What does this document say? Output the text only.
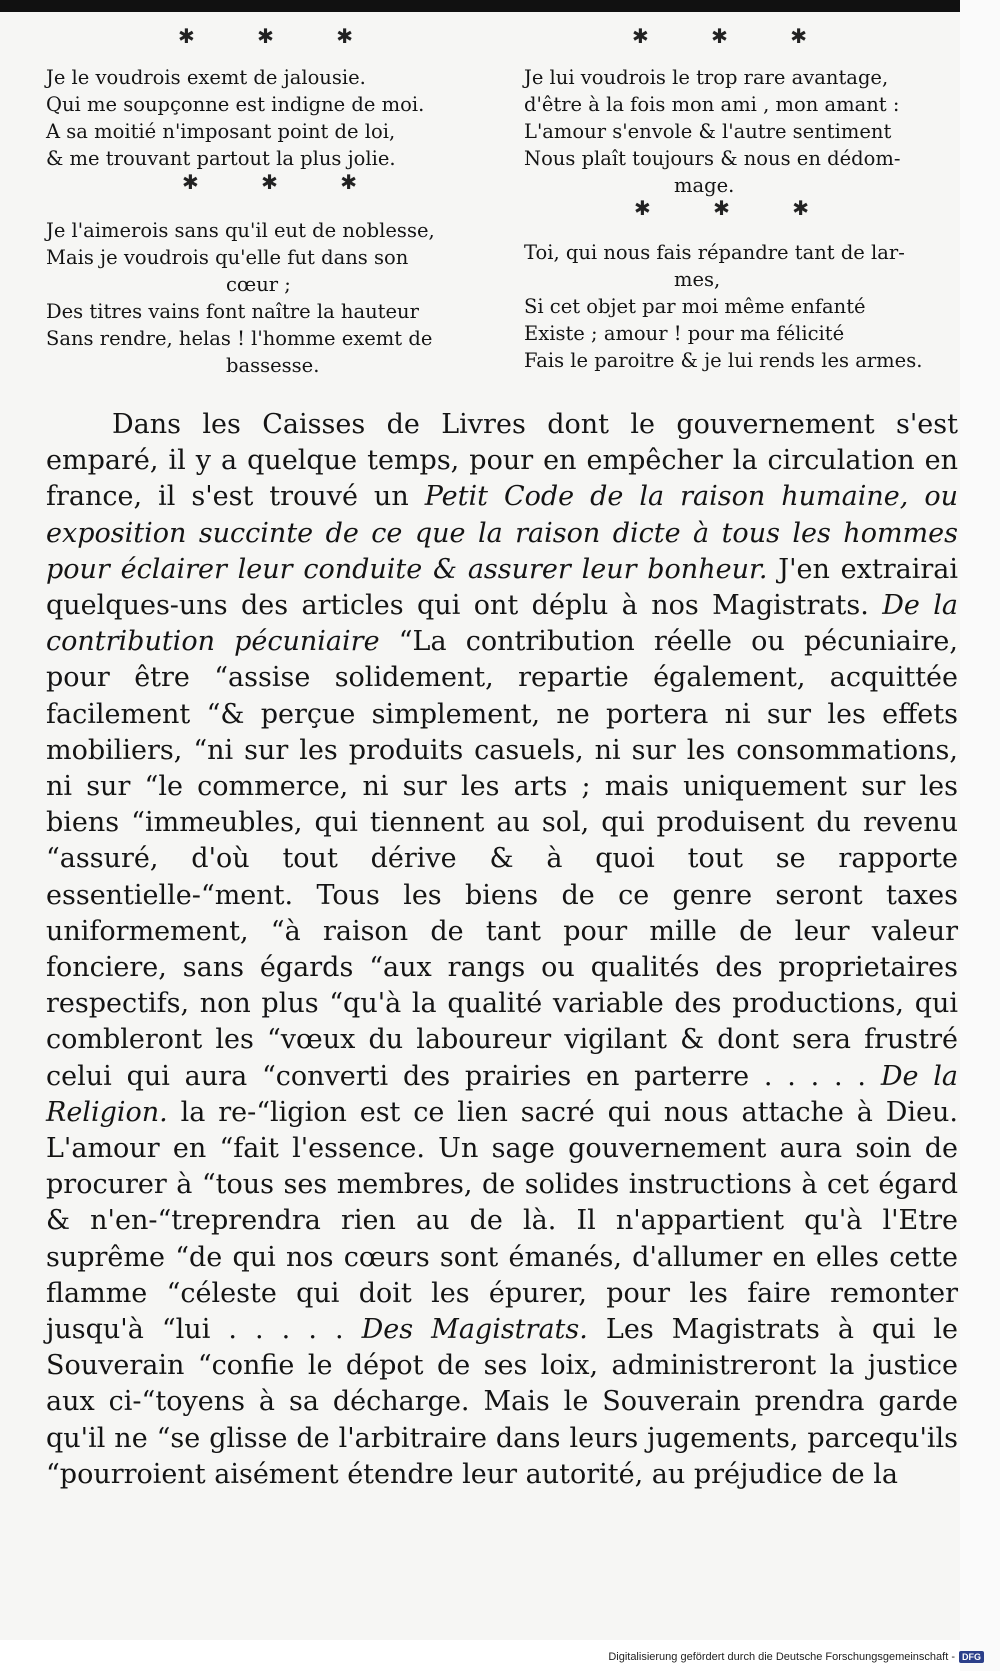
✱ ✱ ✱	✱ ✱ ✱
Je le voudrois exemt de jalousie.
Qui me soupçonne est indigne de moi.
A sa moitié n'imposant point de loi,
& me trouvant partout la plus jolie.
Je l'aimerois sans qu'il eut de noblesse,
Mais je voudrois qu'elle fut dans son
cœur ;
Des titres vains font naître la hauteur
Sans rendre, helas ! l'homme exemt de
bassesse.
✱ ✱ ✱
✱ ✱ ✱
Je lui voudrois le trop rare avantage,
d'être à la fois mon ami , mon amant :
L'amour s'envole & l'autre sentiment
Nous plaît toujours & nous en dédom-
mage.
Toi, qui nous fais répandre tant de lar-
mes,
Si cet objet par moi même enfanté
Existe ; amour ! pour ma félicité
Fais le paroitre & je lui rends les armes.

Dans les Caisses de Livres dont le gouvernement s'est emparé, il y a quelque temps, pour en empêcher la circulation en france, il s'est trouvé un Petit Code de la raison humaine, ou exposition succinte de ce que la raison dicte à tous les hommes pour éclairer leur conduite & assurer leur bonheur. J'en extrairai quelques-uns des articles qui ont déplu à nos Magistrats. De la contribution pécuniaire “La contribution réelle ou pécuniaire, pour être “assise solidement, repartie également, acquittée facilement “& perçue simplement, ne portera ni sur les effets mobiliers, “ni sur les produits casuels, ni sur les consommations, ni sur “le commerce, ni sur les arts ; mais uniquement sur les biens “immeubles, qui tiennent au sol, qui produisent du revenu “assuré, d'où tout dérive & à quoi tout se rapporte essentielle-“ment. Tous les biens de ce genre seront taxes uniformement, “à raison de tant pour mille de leur valeur fonciere, sans égards “aux rangs ou qualités des proprietaires respectifs, non plus “qu'à la qualité variable des productions, qui combleront les “vœux du laboureur vigilant & dont sera frustré celui qui aura “converti des prairies en parterre . . . . . De la Religion. la re-“ligion est ce lien sacré qui nous attache à Dieu. L'amour en “fait l'essence. Un sage gouvernement aura soin de procurer à “tous ses membres, de solides instructions à cet égard & n'en-“treprendra rien au de là. Il n'appartient qu'à l'Etre suprême “de qui nos cœurs sont émanés, d'allumer en elles cette flamme “céleste qui doit les épurer, pour les faire remonter jusqu'à “lui . . . . . Des Magistrats. Les Magistrats à qui le Souverain “confie le dépot de ses loix, administreront la justice aux ci-“toyens à sa décharge. Mais le Souverain prendra garde qu'il ne “se glisse de l'arbitraire dans leurs jugements, parcequ'ils “pourroient aisément étendre leur autorité, au préjudice de la

Digitalisierung gefördert durch die Deutsche Forschungsgemeinschaft - DFG
